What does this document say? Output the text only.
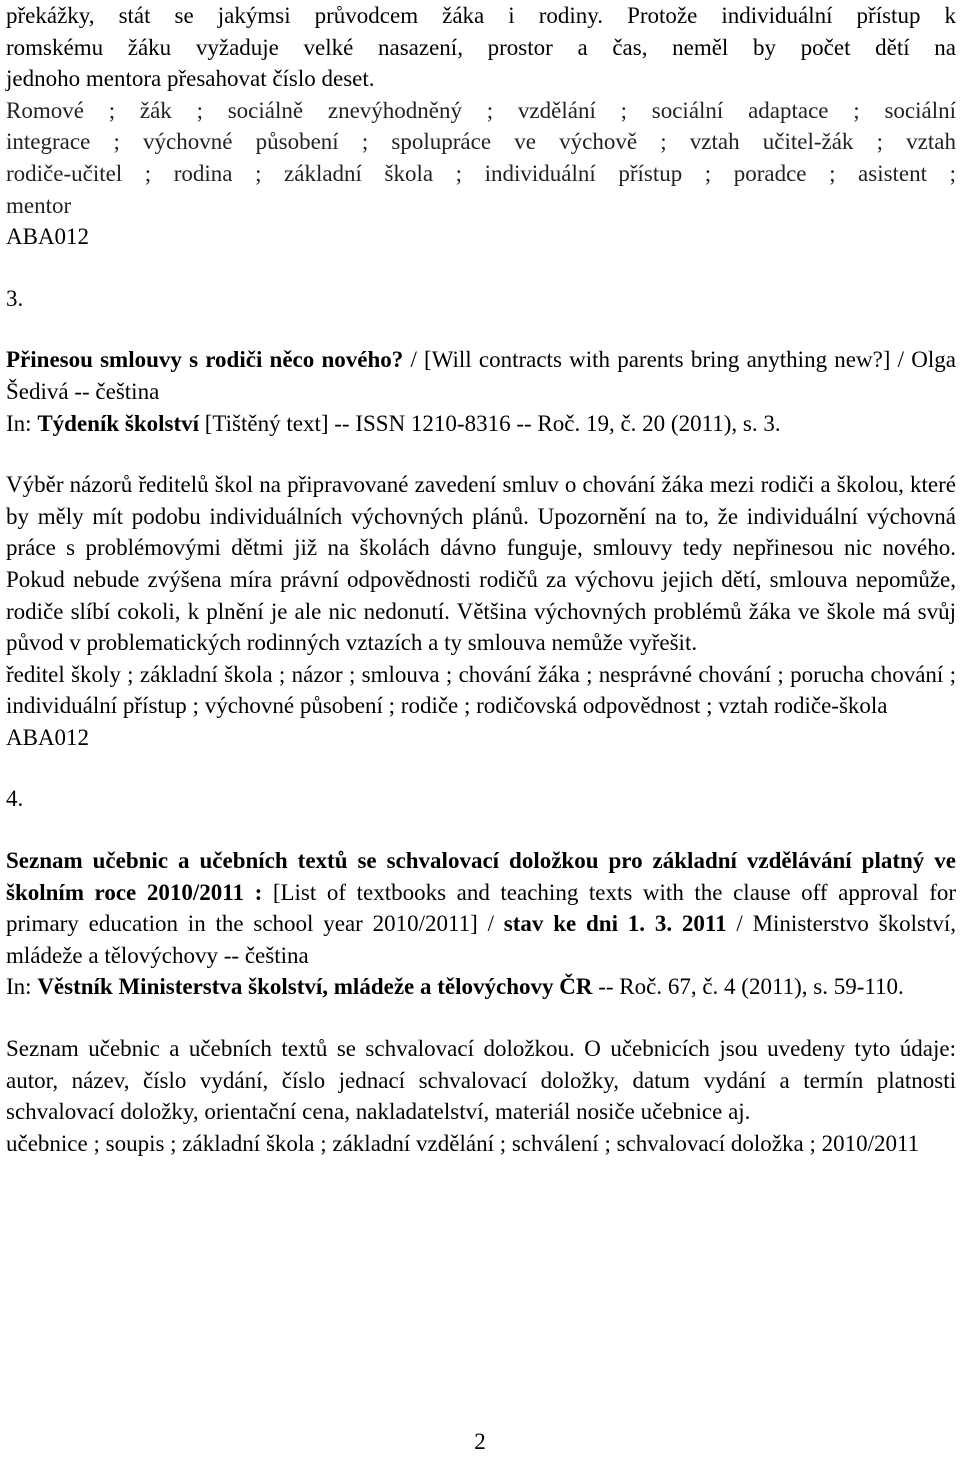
překážky, stát se jakýmsi průvodcem žáka i rodiny. Protože individuální přístup k

romskému žáku vyžaduje velké nasazení, prostor a čas, neměl by počet dětí na

jednoho mentora přesahovat číslo deset.

Romové ; žák ; sociálně znevýhodněný ; vzdělání ; sociální adaptace ; sociální

integrace ; výchovné působení ; spolupráce ve výchově ; vztah učitel-žák ; vztah

rodiče-učitel ; rodina ; základní škola ; individuální přístup ; poradce ; asistent ;

mentor

ABA012

3.

Přinesou smlouvy s rodiči něco nového? / [Will contracts with parents bring anything new?] / Olga Šedivá -- čeština

In: Týdeník školství [Tištěný text] -- ISSN 1210-8316 -- Roč. 19, č. 20 (2011), s. 3.

Výběr názorů ředitelů škol na připravované zavedení smluv o chování žáka mezi rodiči a školou, které by měly mít podobu individuálních výchovných plánů. Upozornění na to, že individuální výchovná práce s problémovými dětmi již na školách dávno funguje, smlouvy tedy nepřinesou nic nového. Pokud nebude zvýšena míra právní odpovědnosti rodičů za výchovu jejich dětí, smlouva nepomůže, rodiče slíbí cokoli, k plnění je ale nic nedonutí. Většina výchovných problémů žáka ve škole má svůj původ v problematických rodinných vztazích a ty smlouva nemůže vyřešit.

ředitel školy ; základní škola ; názor ; smlouva ; chování žáka ; nesprávné chování ; porucha chování ; individuální přístup ; výchovné působení ; rodiče ; rodičovská odpovědnost ; vztah rodiče-škola

ABA012

4.

Seznam učebnic a učebních textů se schvalovací doložkou pro základní vzdělávání platný ve školním roce 2010/2011 : [List of textbooks and teaching texts with the clause off approval for primary education in the school year 2010/2011] / stav ke dni 1. 3. 2011 / Ministerstvo školství, mládeže a tělovýchovy -- čeština

In: Věstník Ministerstva školství, mládeže a tělovýchovy ČR -- Roč. 67, č. 4 (2011), s. 59-110.

Seznam učebnic a učebních textů se schvalovací doložkou. O učebnicích jsou uvedeny tyto údaje: autor, název, číslo vydání, číslo jednací schvalovací doložky, datum vydání a termín platnosti schvalovací doložky, orientační cena, nakladatelství, materiál nosiče učebnice aj.

učebnice ; soupis ; základní škola ; základní vzdělání ; schválení ; schvalovací doložka ; 2010/2011

2
